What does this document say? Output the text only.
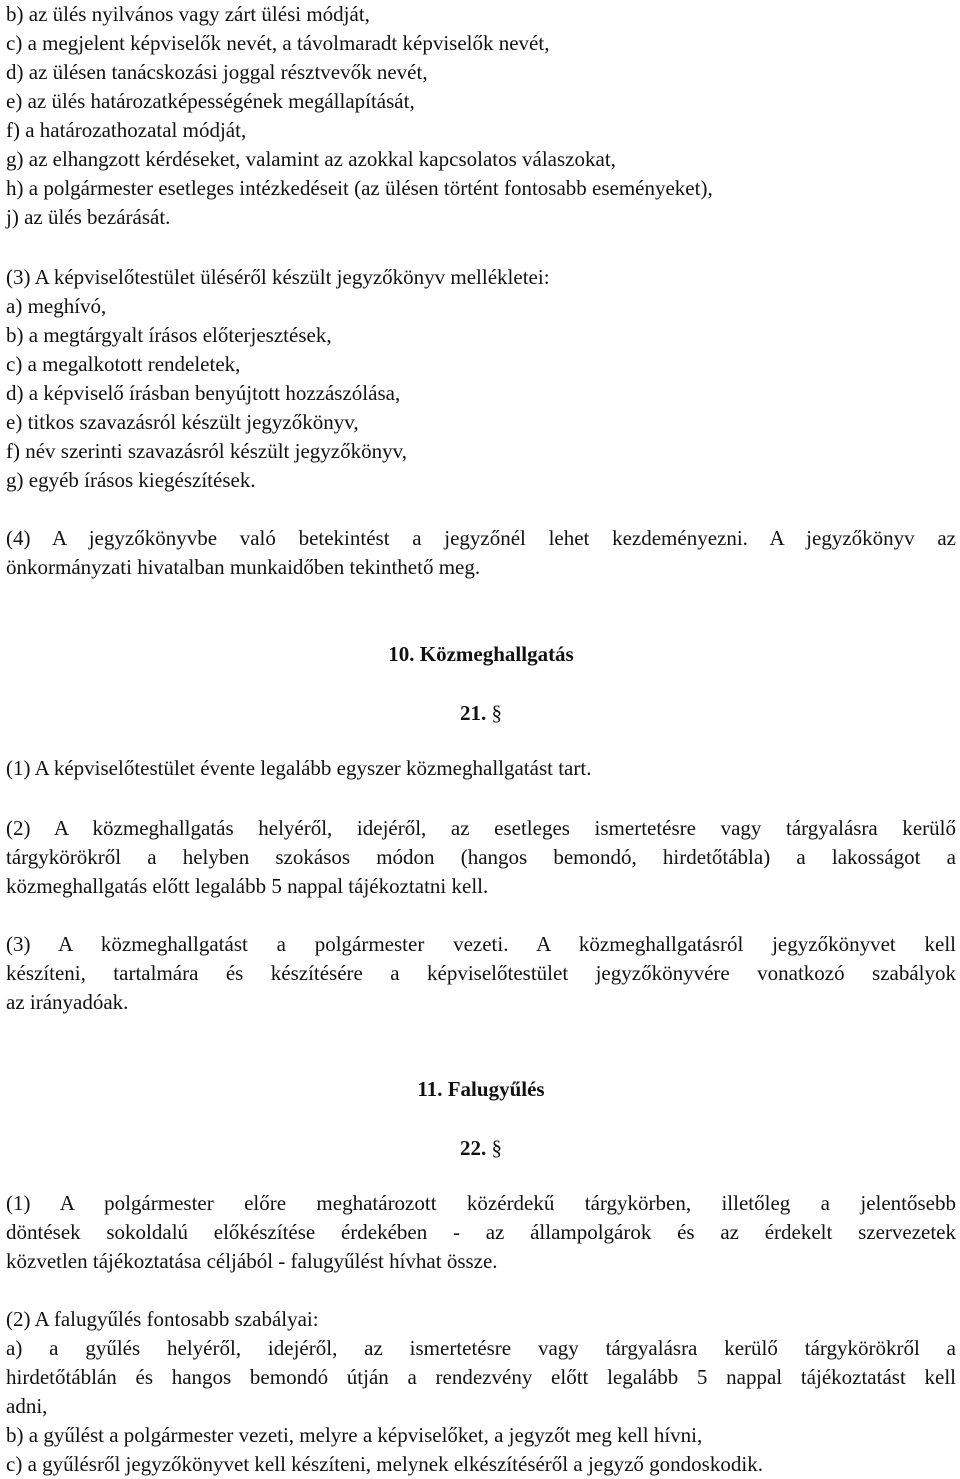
b) az ülés nyilvános vagy zárt ülési módját,
c) a megjelent képviselők nevét, a távolmaradt képviselők nevét,
d) az ülésen tanácskozási joggal résztvevők nevét,
e) az ülés határozatképességének megállapítását,
f) a határozathozatal módját,
g) az elhangzott kérdéseket, valamint az azokkal kapcsolatos válaszokat,
h) a polgármester esetleges intézkedéseit (az ülésen történt fontosabb eseményeket),
j) az ülés bezárását.
(3) A képviselőtestület üléséről készült jegyzőkönyv mellékletei:
a) meghívó,
b) a megtárgyalt írásos előterjesztések,
c) a megalkotott rendeletek,
d) a képviselő írásban benyújtott hozzászólása,
e) titkos szavazásról készült jegyzőkönyv,
f) név szerinti szavazásról készült jegyzőkönyv,
g) egyéb írásos kiegészítések.
(4) A jegyzőkönyvbe való betekintést a jegyzőnél lehet kezdeményezni. A jegyzőkönyv az
önkormányzati hivatalban munkaidőben tekinthető meg.
10. Közmeghallgatás
21. §
(1) A képviselőtestület évente legalább egyszer közmeghallgatást tart.
(2) A közmeghallgatás helyéről, idejéről, az esetleges ismertetésre vagy tárgyalásra kerülő
tárgykörökről a helyben szokásos módon (hangos bemondó, hirdetőtábla) a lakosságot a
közmeghallgatás előtt legalább 5 nappal tájékoztatni kell.
(3) A közmeghallgatást a polgármester vezeti. A közmeghallgatásról jegyzőkönyvet kell
készíteni, tartalmára és készítésére a képviselőtestület jegyzőkönyvére vonatkozó szabályok
az irányadóak.
11. Falugyűlés
22. §
(1) A polgármester előre meghatározott közérdekű tárgykörben, illetőleg a jelentősebb
döntések sokoldalú előkészítése érdekében - az állampolgárok és az érdekelt szervezetek
közvetlen tájékoztatása céljából - falugyűlést hívhat össze.
(2) A falugyűlés fontosabb szabályai:
a) a gyűlés helyéről, idejéről, az ismertetésre vagy tárgyalásra kerülő tárgykörökről a
hirdetőtáblán és hangos bemondó útján a rendezvény előtt legalább 5 nappal tájékoztatást kell
adni,
b) a gyűlést a polgármester vezeti, melyre a képviselőket, a jegyzőt meg kell hívni,
c) a gyűlésről jegyzőkönyvet kell készíteni, melynek elkészítéséről a jegyző gondoskodik.
